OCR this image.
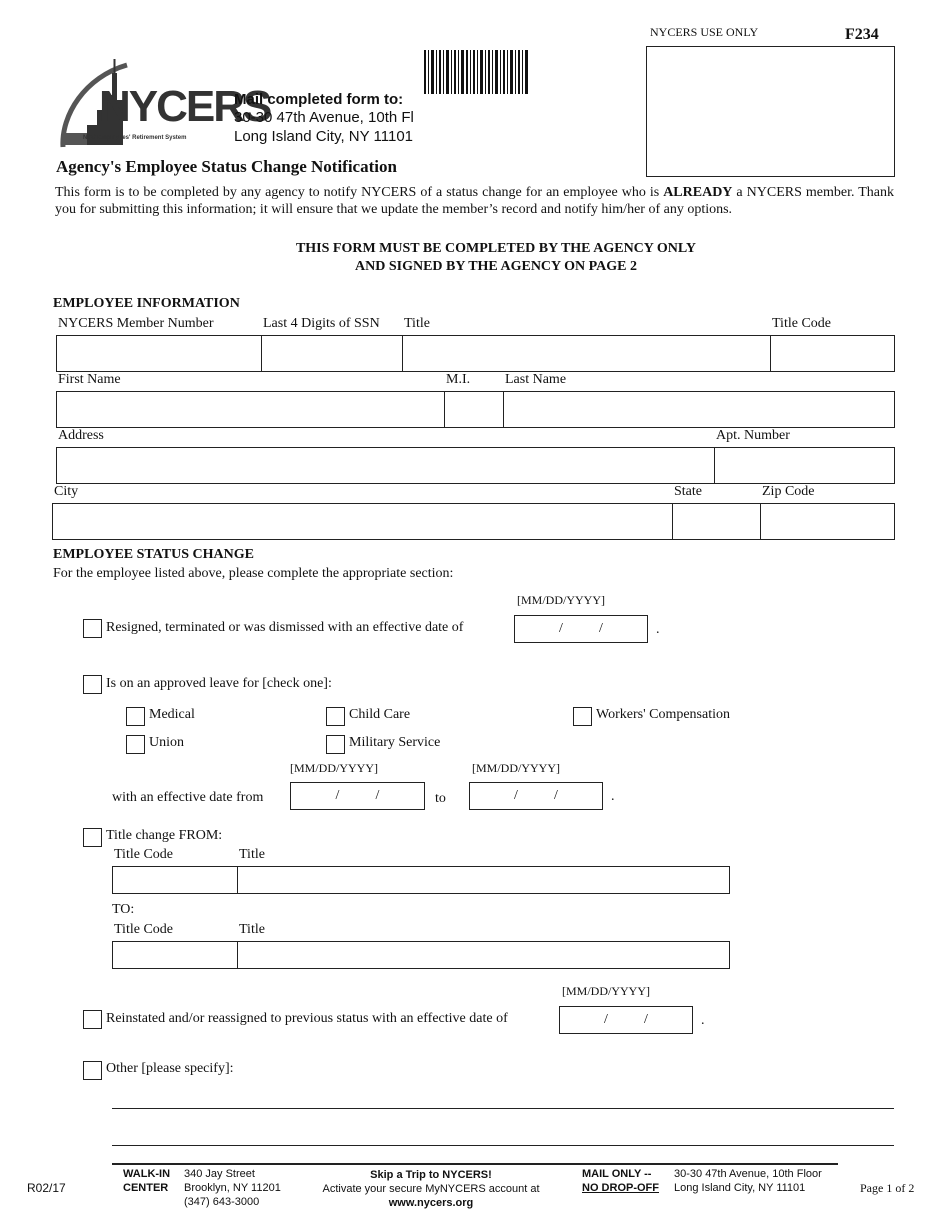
NYCERS USE ONLY	F234
NYCERS
NYC Employees' Retirement System
Mail completed form to:
30-30 47th Avenue, 10th Fl
Long Island City, NY 11101
Agency's Employee Status Change Notification
This form is to be completed by any agency to notify NYCERS of a status change for an employee who is ALREADY a NYCERS member. Thank you for submitting this information; it will ensure that we update the member’s record and notify him/her of any options.
THIS FORM MUST BE COMPLETED BY THE AGENCY ONLY
AND SIGNED BY THE AGENCY ON PAGE 2
EMPLOYEE INFORMATION
NYCERS Member Number	Last 4 Digits of SSN Title	Title Code
First Name	M.I. Last Name
Address	Apt. Number
City	State	Zip Code
EMPLOYEE STATUS CHANGE
For the employee listed above, please complete the appropriate section:
[MM/DD/YYYY]
Resigned, terminated or was dismissed with an effective date of	/	/	.
Is on an approved leave for [check one]:
Medical	Child Care	Workers' Compensation
Union	Military Service
[MM/DD/YYYY]	[MM/DD/YYYY]
with an effective date from	/	/	to	/	/	.
Title change FROM:
Title Code	Title
TO:
Title Code	Title
[MM/DD/YYYY]
Reinstated and/or reassigned to previous status with an effective date of	/	/	.
Other [please specify]:
R02/17
WALK-IN
CENTER
340 Jay Street
Brooklyn, NY 11201
(347) 643-3000
Skip a Trip to NYCERS!
Activate your secure MyNYCERS account at
www.nycers.org
MAIL ONLY --
NO DROP-OFF
30-30 47th Avenue, 10th Floor
Long Island City, NY 11101	Page 1 of 2
